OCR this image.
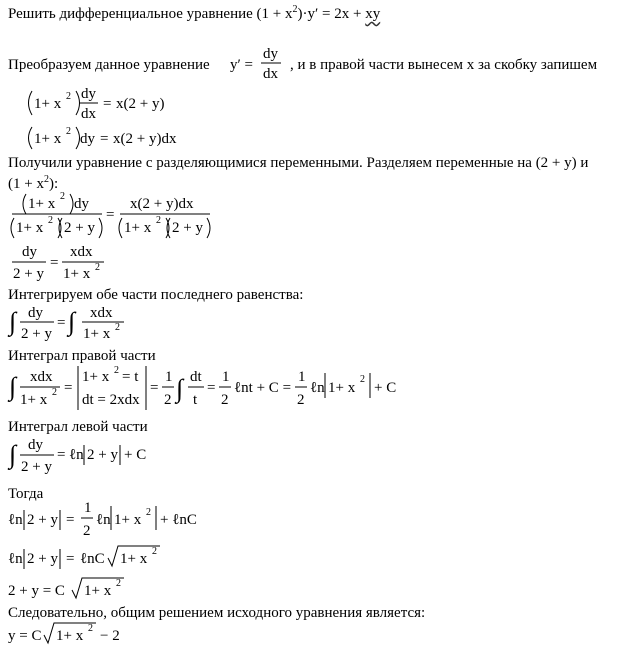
Решить дифференциальное уравнение $(1 + x^2)\cdot y' = 2x$ + xy
Преобразуем данное уравнение	, и в правой части вынесем x за скобку запишем
Получили уравнение с разделяющимися переменными. Разделяем переменные на (2 + y) и
$(1 + x^2)$:
Интегрируем обе части последнего равенства:
Интеграл правой части
Интеграл левой части
Тогда
Следовательно, общим решением исходного уравнения является:
y′ =
dy
dx
1+ x 2 dy
dx
= x(2 + y)
1+ x 2 dy = x(2 + y)dx
1+ x 2 dy
1+ x 2 2 + y
=
x(2 + y)dx
1+ x 2 2 + y
dy
2 + y
=
xdx
1+ x 2
∫ dy
2 + y
= ∫ xdx
1+ x 2
∫ xdx
1+ x 2 =
1+ x 2 = t
dt = 2xdx
=
1
2 ∫ dt
t
=
1
2
ℓnt + C =
1
2
ℓn 1+ x
2
+ C
∫ dy
2 + y
= ℓn 2 + y + C
ℓn 2 + y =
1
2
ℓn 1+ x 2 + ℓnC
ℓn 2 + y = ℓnC 1+ x 2
2 + y = C 1+ x 2
y = C 1+ x 2 − 2
